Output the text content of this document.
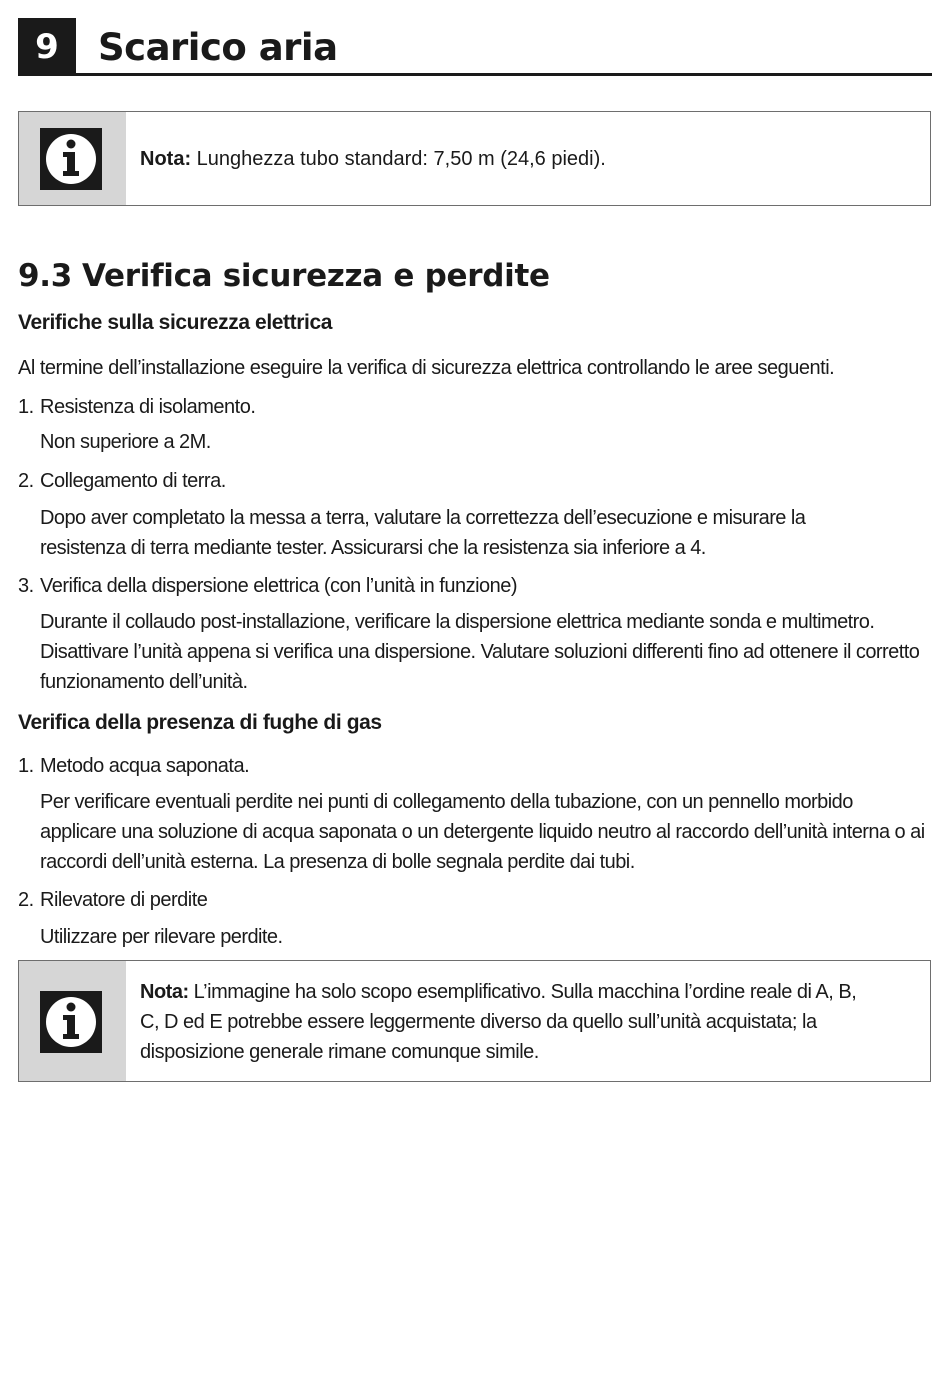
9	Scarico aria
Nota: Lunghezza tubo standard: 7,50 m (24,6 piedi).
9.3 Verifica sicurezza e perdite
Verifiche sulla sicurezza elettrica
Al termine dell’installazione eseguire la verifica di sicurezza elettrica controllando le aree seguenti.
1. Resistenza di isolamento.
Non superiore a 2M.
2. Collegamento di terra.
Dopo aver completato la messa a terra, valutare la correttezza dell’esecuzione e misurare la resistenza di terra mediante tester. Assicurarsi che la resistenza sia inferiore a 4.
3. Verifica della dispersione elettrica (con l’unità in funzione)
Durante il collaudo post-installazione, verificare la dispersione elettrica mediante sonda e multimetro. Disattivare l’unità appena si verifica una dispersione. Valutare soluzioni differenti fino ad ottenere il corretto funzionamento dell’unità.
Verifica della presenza di fughe di gas
1. Metodo acqua saponata.
Per verificare eventuali perdite nei punti di collegamento della tubazione, con un pennello morbido applicare una soluzione di acqua saponata o un detergente liquido neutro al raccordo dell’unità interna o ai raccordi dell’unità esterna. La presenza di bolle segnala perdite dai tubi.
2. Rilevatore di perdite
Utilizzare per rilevare perdite.
Nota: L’immagine ha solo scopo esemplificativo. Sulla macchina l’ordine reale di A, B, C, D ed E potrebbe essere leggermente diverso da quello sull’unità acquistata; la disposizione generale rimane comunque simile.
